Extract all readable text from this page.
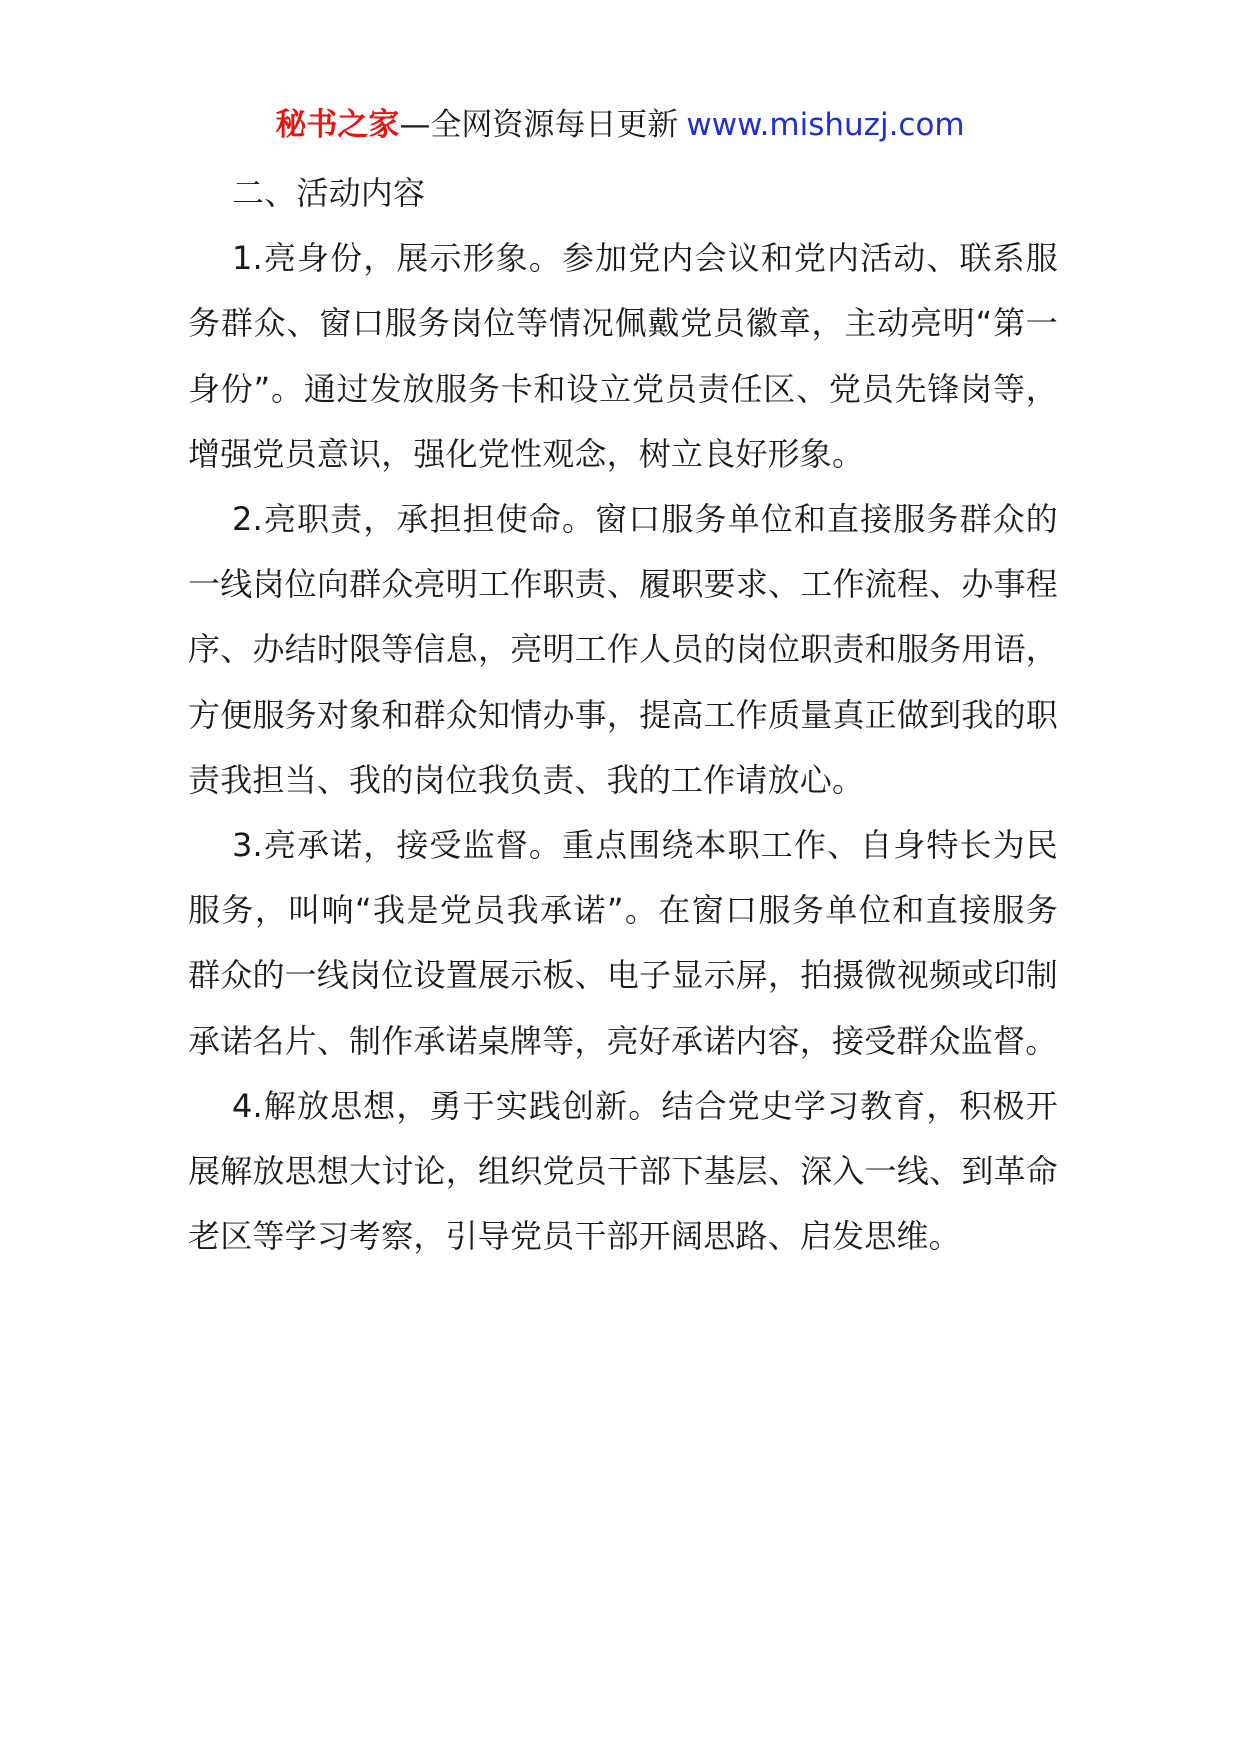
秘书之家—全网资源每日更新 www.mishuzj.com

二、活动内容

1.亮身份，展示形象。参加党内会议和党内活动、联系服务群众、窗口服务岗位等情况佩戴党员徽章，主动亮明“第一身份”。通过发放服务卡和设立党员责任区、党员先锋岗等，增强党员意识，强化党性观念，树立良好形象。

2.亮职责，承担担使命。窗口服务单位和直接服务群众的一线岗位向群众亮明工作职责、履职要求、工作流程、办事程序、办结时限等信息，亮明工作人员的岗位职责和服务用语，方便服务对象和群众知情办事，提高工作质量真正做到我的职责我担当、我的岗位我负责、我的工作请放心。

3.亮承诺，接受监督。重点围绕本职工作、自身特长为民服务，叫响“我是党员我承诺”。在窗口服务单位和直接服务群众的一线岗位设置展示板、电子显示屏，拍摄微视频或印制承诺名片、制作承诺桌牌等，亮好承诺内容，接受群众监督。

4.解放思想，勇于实践创新。结合党史学习教育，积极开展解放思想大讨论，组织党员干部下基层、深入一线、到革命老区等学习考察，引导党员干部开阔思路、启发思维。
